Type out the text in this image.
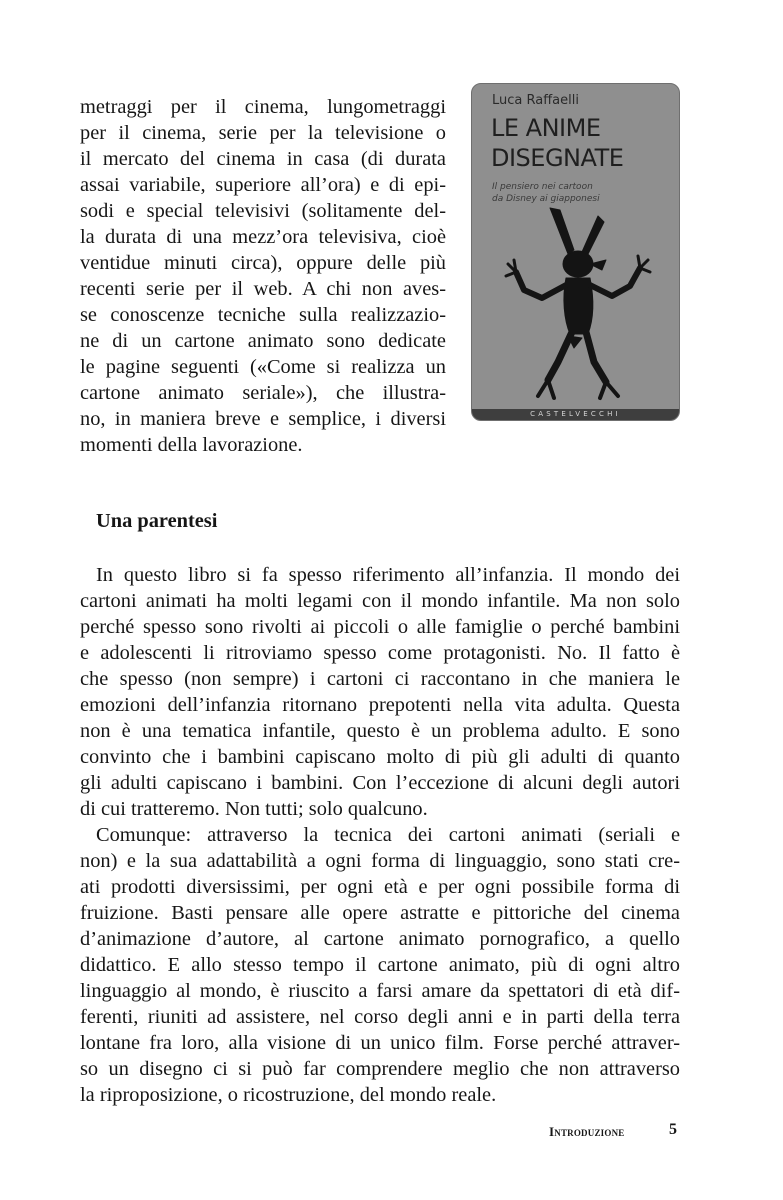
metraggi per il cinema, lungometraggi
per il cinema, serie per la televisione o
il mercato del cinema in casa (di durata
assai variabile, superiore all’ora) e di epi-
sodi e special televisivi (solitamente del-
la durata di una mezz’ora televisiva, cioè
ventidue minuti circa), oppure delle più
recenti serie per il web. A chi non aves-
se conoscenze tecniche sulla realizzazio-
ne di un cartone animato sono dedicate
le pagine seguenti («Come si realizza un
cartone animato seriale»), che illustra-
no, in maniera breve e semplice, i diversi
momenti della lavorazione.
Luca Raffaelli
LE ANIME
DISEGNATE
Il pensiero nei cartoon
da Disney ai giapponesi
CASTELVECCHI
Una parentesi
In questo libro si fa spesso riferimento all’infanzia. Il mondo dei
cartoni animati ha molti legami con il mondo infantile. Ma non solo
perché spesso sono rivolti ai piccoli o alle famiglie o perché bambini
e adolescenti li ritroviamo spesso come protagonisti. No. Il fatto è
che spesso (non sempre) i cartoni ci raccontano in che maniera le
emozioni dell’infanzia ritornano prepotenti nella vita adulta. Questa
non è una tematica infantile, questo è un problema adulto. E sono
convinto che i bambini capiscano molto di più gli adulti di quanto
gli adulti capiscano i bambini. Con l’eccezione di alcuni degli autori
di cui tratteremo. Non tutti; solo qualcuno.
Comunque: attraverso la tecnica dei cartoni animati (seriali e
non) e la sua adattabilità a ogni forma di linguaggio, sono stati cre-
ati prodotti diversissimi, per ogni età e per ogni possibile forma di
fruizione. Basti pensare alle opere astratte e pittoriche del cinema
d’animazione d’autore, al cartone animato pornografico, a quello
didattico. E allo stesso tempo il cartone animato, più di ogni altro
linguaggio al mondo, è riuscito a farsi amare da spettatori di età dif-
ferenti, riuniti ad assistere, nel corso degli anni e in parti della terra
lontane fra loro, alla visione di un unico film. Forse perché attraver-
so un disegno ci si può far comprendere meglio che non attraverso
la riproposizione, o ricostruzione, del mondo reale.
Introduzione	5
